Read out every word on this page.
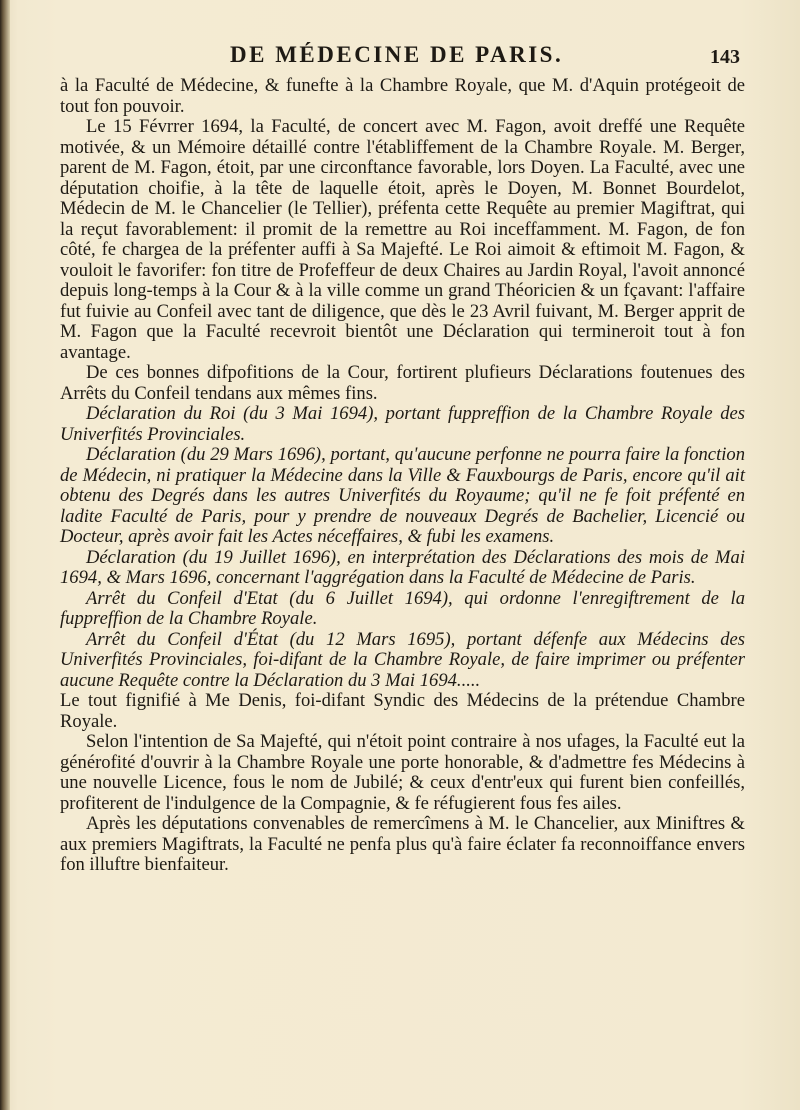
DE MÉDECINE DE PARIS.	143

à la Faculté de Médecine, & funefte à la Chambre Royale, que M. d'Aquin protégeoit de tout fon pouvoir.

Le 15 Févrrer 1694, la Faculté, de concert avec M. Fagon, avoit dreffé une Requête motivée, & un Mémoire détaillé contre l'établiffement de la Chambre Royale. M. Berger, parent de M. Fagon, étoit, par une circonftance favorable, lors Doyen. La Faculté, avec une députation choifie, à la tête de laquelle étoit, après le Doyen, M. Bonnet Bourdelot, Médecin de M. le Chancelier (le Tellier), préfenta cette Requête au premier Magiftrat, qui la reçut favorablement: il promit de la remettre au Roi inceffamment. M. Fagon, de fon côté, fe chargea de la préfenter auffi à Sa Majefté. Le Roi aimoit & eftimoit M. Fagon, & vouloit le favorifer: fon titre de Profeffeur de deux Chaires au Jardin Royal, l'avoit annoncé depuis long-temps à la Cour & à la ville comme un grand Théoricien & un fçavant: l'affaire fut fuivie au Confeil avec tant de diligence, que dès le 23 Avril fuivant, M. Berger apprit de M. Fagon que la Faculté recevroit bientôt une Déclaration qui termineroit tout à fon avantage.

De ces bonnes difpofitions de la Cour, fortirent plufieurs Déclarations foutenues des Arrêts du Confeil tendans aux mêmes fins.

Déclaration du Roi (du 3 Mai 1694), portant fuppreffion de la Chambre Royale des Univerfités Provinciales.

Déclaration (du 29 Mars 1696), portant, qu'aucune perfonne ne pourra faire la fonction de Médecin, ni pratiquer la Médecine dans la Ville & Fauxbourgs de Paris, encore qu'il ait obtenu des Degrés dans les autres Univerfités du Royaume; qu'il ne fe foit préfenté en ladite Faculté de Paris, pour y prendre de nouveaux Degrés de Bachelier, Licencié ou Docteur, après avoir fait les Actes néceffaires, & fubi les examens.

Déclaration (du 19 Juillet 1696), en interprétation des Déclarations des mois de Mai 1694, & Mars 1696, concernant l'aggrégation dans la Faculté de Médecine de Paris.

Arrêt du Confeil d'Etat (du 6 Juillet 1694), qui ordonne l'enregiftrement de la fuppreffion de la Chambre Royale.

Arrêt du Confeil d'État (du 12 Mars 1695), portant défenfe aux Médecins des Univerfités Provinciales, foi-difant de la Chambre Royale, de faire imprimer ou préfenter aucune Requête contre la Déclaration du 3 Mai 1694.....

Le tout fignifié à Me Denis, foi-difant Syndic des Médecins de la prétendue Chambre Royale.

Selon l'intention de Sa Majefté, qui n'étoit point contraire à nos ufages, la Faculté eut la générofité d'ouvrir à la Chambre Royale une porte honorable, & d'admettre fes Médecins à une nouvelle Licence, fous le nom de Jubilé; & ceux d'entr'eux qui furent bien confeillés, profiterent de l'indulgence de la Compagnie, & fe réfugierent fous fes ailes.

Après les députations convenables de remercîmens à M. le Chancelier, aux Miniftres & aux premiers Magiftrats, la Faculté ne penfa plus qu'à faire éclater fa reconnoiffance envers fon illuftre bienfaiteur.
